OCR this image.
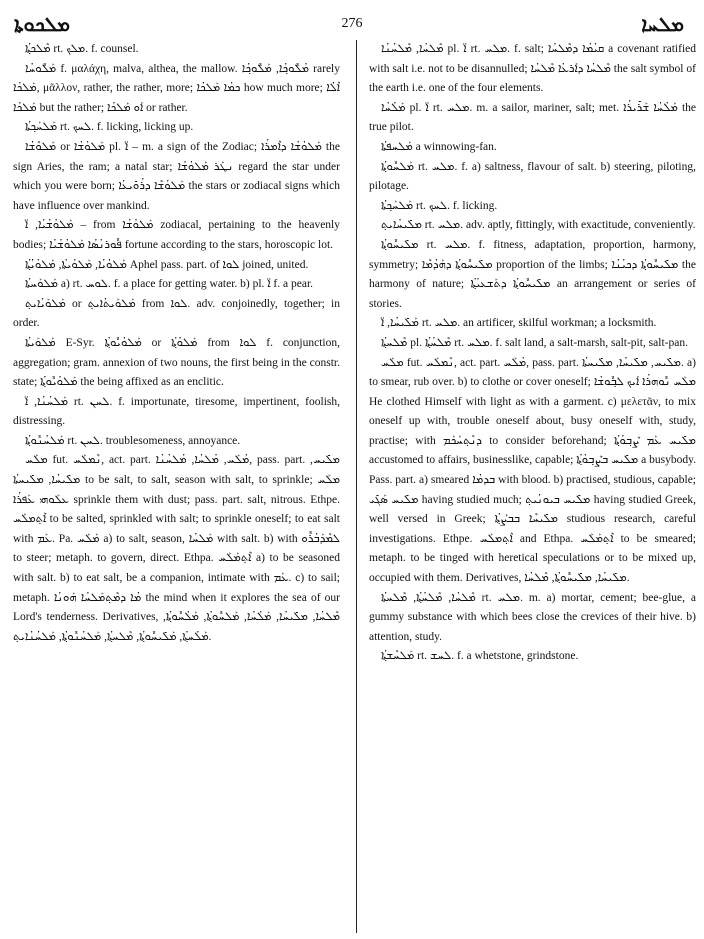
ܡܠܟܘܬܐ	276	ܡܠܚܐ

ܡܶܠܟܬ݂ܳܐ rt. ܡܠܟ. f. counsel.

ܡܰܠܽܘܚܳܐ f. μαλάχη, malva, althea, the mallow. ܡܳܠܽܘܟ݂ܳܐ, ܡܰܠܽܘܟ݂ܳܐ rarely ܡܰܠܟܳܐ, μᾶλλον, rather, the rather, more; ܟܡܳܐ ܡܰܠܟܳܐ how much more; ܐܶܠܳܐ ܡܰܠܟܳܐ but the rather; ܐܰܘ ܡܰܠܟܳܐ or rather.

ܡܰܠܚܰܟ݂ܬܳܐ rt. ܠܚܟ. f. licking, licking up.

ܡܰܠܘܶܫܳܐ or ܡܰܠܘܳܫܳܐ pl. ܐ̈ ‒ m. a sign of the Zodiac; ܡܰܠܘܳܫܳܐ ܕܐܶܡܪܳܐ the sign Aries, the ram; a natal star; ܢܛܰܪ ܡܰܠܘܳܫܳܐ regard the star under which you were born; ܡܰܠܘܳܫܶܐ ܕܪܳܘܺܝܥܳܐ the stars or zodiacal signs which have influence over mankind.

ܡܰܠܘܳܫܳܝܳܐ, ܐ̈ ‒ from ܡܰܠܘܳܫܳܐ zodiacal, pertaining to the heavenly bodies; ܦܽܘܪܢܳܣܳܐ ܡܰܠܘܳܫܳܝܳܐ fortune according to the stars, horoscopic lot.

ܡܰܠܘܳܝܳܐ, ܡܰܠܘܳܝܬܳܐ, ܡܰܠܘܳܝܳܬ݂ܳܐ Aphel pass. part. of ܠܘܐ joined, united.

ܡܰܠܘܰܚܬܳܐ a) rt. ܠܘܚ. f. a place for getting water. b) pl. ܐ̈ f. a pear.

ܡܰܠܘܰܝܳܐܝܬ݂ or ܡܰܠܘܰܝܬܳܐܝܬ݂ from ܠܘܐ. adv. conjoinedly, together; in order.

ܡܰܠܘܰܝܬܳܐ E-Syr. ܡܰܠܘܳܝܽܘܬ݂ܳܐ or ܡܰܠܘܳܬ݂ܳܐ from ܠܘܐ f. conjunction, aggregation; gram. annexion of two nouns, the first being in the constr. state; ܡܰܠܘܳܝܽܘܬ݂ܳܐ the being affixed as an enclitic.

ܡܰܠܚܳܢܳܐ, ܐ̈ rt. ܠܚܢ. f. importunate, tiresome, impertinent, foolish, distressing.

ܡܰܠܚܳܢܽܘܬ݂ܳܐ rt. ܠܚܢ. troublesomeness, annoyance.

ܡܠܰܚ fut. ܢܶܡܠܰܚ, act. part. ܡܳܠܰܚ, ܡܳܠܚܳܐ, ܡܳܠܚܳܢܳܐ, pass. part. ܡܠܺܝܚ, ܡܠܺܝܚܳܐ, ܡܠܺܝܚܬܳܐ to be salt, to salt, season with salt, to sprinkle; ܡܠܰܚ ܥܠܰܘܗܝ ܥܰܦܪܳܐ sprinkle them with dust; pass. part. salt, nitrous. Ethpe. ܐܶܬ݂ܡܠܰܚ to be salted, sprinkled with salt; to sprinkle oneself; to eat salt with ܥܰܡ. Pa. ܡܰܠܰܚ a) to salt, season, ܡܰܠܚܳܐ with salt. b) with ܠܡܶܕܰܒܳܪܽܘ to steer; metaph. to govern, direct. Ethpa. ܐܶܬ݂ܡܰܠܰܚ a) to be seasoned with salt. b) to eat salt, be a companion, intimate with ܥܰܡ. c) to sail; metaph. ܡܳܐ ܕܡܶܬ݂ܡܰܠܚܳܐ ܗܰܘܢܳܐ the mind when it explores the sea of our Lord's tenderness. Derivatives, ܡܶܠܚܳܐ, ܡܠܺܝܚܳܐ, ܡܰܠܳܚܳܐ, ܡܰܠܚܽܘܬ݂ܳܐ, ܡܰܠܳܚܽܘܬ݂ܳܐ, ܡܰܠܳܚܬ݂ܳܐ, ܡܰܠܺܝܚܽܘܬ݂ܳܐ, ܡܶܠܚܬ݂ܳܐ, ܡܰܠܚܳܢܽܘܬ݂ܳܐ, ܡܰܠܚܳܢܳܐܝܬ݂.

ܡܶܠܚܳܐ, ܡܶܠܚܳܢܳܐ pl. ܐ̈ rt. ܡܠܚ. f. salt; ܩܝܳܡܳܐ ܕܡܶܠܚܳܐ a covenant ratified with salt i.e. not to be disannulled; ܡܶܠܚܳܐ ܕܐܰܪܥܳܐ ܡܶܠܚܳܐ the salt symbol of the earth i.e. one of the four elements.

ܡܰܠܳܚܳܐ pl. ܐ̈ rt. ܡܠܚ. m. a sailor, mariner, salt; met. ܡܰܠܳܚܳܐ ܫܰܪܺܝܪܳܐ the true pilot.

ܡܰܠܚܦܬܳܐ a winnowing-fan.

ܡܰܠܚܽܘܬ݂ܳܐ rt. ܡܠܚ. f. a) saltness, flavour of salt. b) steering, piloting, pilotage.

ܡܰܠܚܰܟ݂ܬܳܐ rt. ܠܚܟ. f. licking.

ܡܠܺܝܚܳܐܝܬ݂ rt. ܡܠܚ. adv. aptly, fittingly, with exactitude, conveniently.

ܡܠܺܝܚܽܘܬ݂ܳܐ rt. ܡܠܚ. f. fitness, adaptation, proportion, harmony, symmetry; ܡܠܺܝܚܽܘܬ݂ܳܐ ܕܗܰܕܳܡܶܐ proportion of the limbs; ܡܠܺܝܚܽܘܬ݂ܳܐ ܕܟܝܳܢܳܐ the harmony of nature; ܡܠܺܝܚܽܘܬ݂ܳܐ ܕܬܰܫܥܝܳܬ݂ܳܐ an arrangement or series of stories.

ܡܰܠܺܝܚܳܐ, ܐ̈ rt. ܡܠܚ. an artificer, skilful workman; a locksmith.

ܡܶܠܚܬ݂ܳܐ pl. ܡܶܠܚܳܬ݂ܳܐ rt. ܡܠܚ. f. salt land, a salt-marsh, salt-pit, salt-pan.

ܡܠܰܚ fut. ܢܶܡܠܰܚ, act. part. ܡܳܠܰܚ, pass. part. ܡܠܺܝܚ, ܡܠܺܝܚܳܐ, ܡܠܺܝܚܬܳܐ. a) to smear, rub over. b) to clothe or cover oneself; ܡܠܰܚ ܢܽܘܗܪܳܐ ܐܰܝܟ ܠܒ݂ܽܘܫܳܐ He clothed Himself with light as with a garment. c) μελετᾶν, to mix oneself up with, trouble oneself about, busy oneself with, study, practise; with ܕܢܶܬ݂ܚܰܟܰܡ to consider beforehand; ܡܠܺܝܚ ܥܰܡ ܨܶܒ݂ܘܳܬ݂ܳܐ accustomed to affairs, businesslike, capable; ܡܠܺܝܚ ܒܨܶܒ݂ܘܳܬ݂ܳܐ a busybody. Pass. part. a) smeared ܒܕܡܳܐ with blood. b) practised, studious, capable; ܡܠܺܝܚ ܣܰܓܺܝ having studied much; ܡܠܺܝܚ ܒܝܘܢܳܝܬ݂ having studied Greek, well versed in Greek; ܡܠܺܝܚܶܐ ܒܒܨܳܬ݂ܳܐ studious research, careful investigations. Ethpe. ܐܶܬ݂ܡܠܰܚ and Ethpa. ܐܶܬ݂ܡܰܠܰܚ to be smeared; metaph. to be tinged with heretical speculations or to be mixed up, occupied with them. Derivatives, ܡܠܺܝܚܳܐ, ܡܠܺܝܚܽܘܬ݂ܳܐ, ܡܶܠܚܳܐ.

ܡܶܠܚܳܐ, ܡܶܠܚܳܬ݂ܳܐ, ܡܶܠܚܬܳܐ rt. ܡܠܚ. m. a) mortar, cement; bee-glue, a gummy substance with which bees close the crevices of their hive. b) attention, study.

ܡܰܠܚܶܫܬ݂ܳܐ rt. ܠܚܫ. f. a whetstone, grindstone.
